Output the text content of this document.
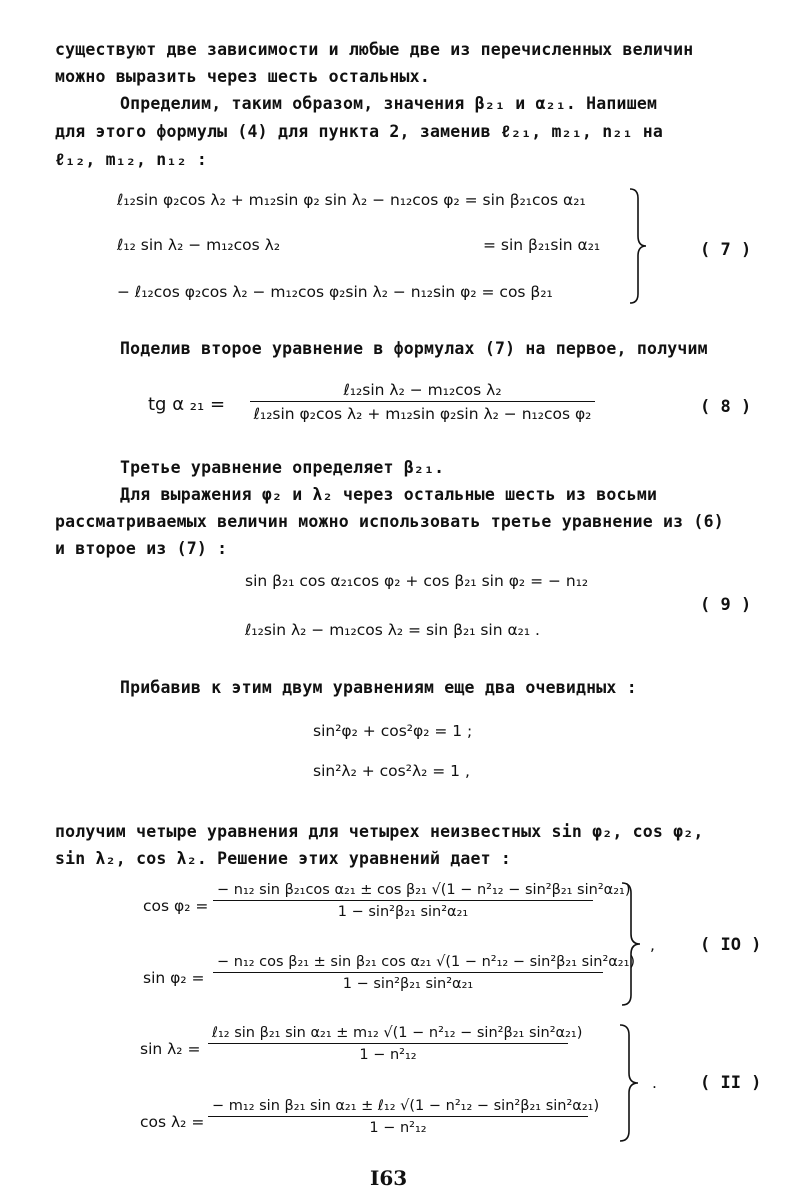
существуют две зависимости и любые две из перечисленных величин

можно выразить через шесть остальных.

Определим, таким образом, значения β₂₁ и α₂₁. Напишем

для этого формулы (4) для пункта 2, заменив ℓ₂₁, m₂₁, n₂₁ на

ℓ₁₂, m₁₂, n₁₂ :

ℓ₁₂sin φ₂cos λ₂ + m₁₂sin φ₂ sin λ₂ − n₁₂cos φ₂ = sin β₂₁cos α₂₁
ℓ₁₂ sin λ₂ − m₁₂cos λ₂	= sin β₂₁sin α₂₁
− ℓ₁₂cos φ₂cos λ₂ − m₁₂cos φ₂sin λ₂ − n₁₂sin φ₂ = cos β₂₁
( 7 )

Поделив второе уравнение в формулах (7) на первое, получим

tg α ₂₁ =
ℓ₁₂sin λ₂ − m₁₂cos λ₂
ℓ₁₂sin φ₂cos λ₂ + m₁₂sin φ₂sin λ₂ − n₁₂cos φ₂	( 8 )

Третье уравнение определяет β₂₁.

Для выражения φ₂ и λ₂ через остальные шесть из восьми

рассматриваемых величин можно использовать третье уравнение из (6)

и второе из (7) :

sin β₂₁ cos α₂₁cos φ₂ + cos β₂₁ sin φ₂ = − n₁₂
ℓ₁₂sin λ₂ − m₁₂cos λ₂ = sin β₂₁ sin α₂₁ .
( 9 )

Прибавив к этим двум уравнениям еще два очевидных :

sin²φ₂ + cos²φ₂ = 1 ;
sin²λ₂ + cos²λ₂ = 1 ,

получим четыре уравнения для четырех неизвестных sin φ₂, cos φ₂,

sin λ₂, cos λ₂. Решение этих уравнений дает :

$\cos \varphi_2 = \frac{\text{− n₁₂ sin β₂₁cos α₂₁ ± cos β₂₁ √(1 − n²₁₂ − sin²β₂₁ sin²α₂₁)}}{\text{1 − sin²β₂₁ sin²α₂₁}}$
sin φ₂ =
− n₁₂ cos β₂₁ ± sin β₂₁ cos α₂₁ √(1 − n²₁₂ − sin²β₂₁ sin²α₂₁)
1 − sin²β₂₁ sin²α₂₁
,	( IO )
sin λ₂ =
ℓ₁₂ sin β₂₁ sin α₂₁ ± m₁₂ √(1 − n²₁₂ − sin²β₂₁ sin²α₂₁)
1 − n²₁₂
cos λ₂ =
− m₁₂ sin β₂₁ sin α₂₁ ± ℓ₁₂ √(1 − n²₁₂ − sin²β₂₁ sin²α₂₁)
1 − n²₁₂
.	( II )
I63
